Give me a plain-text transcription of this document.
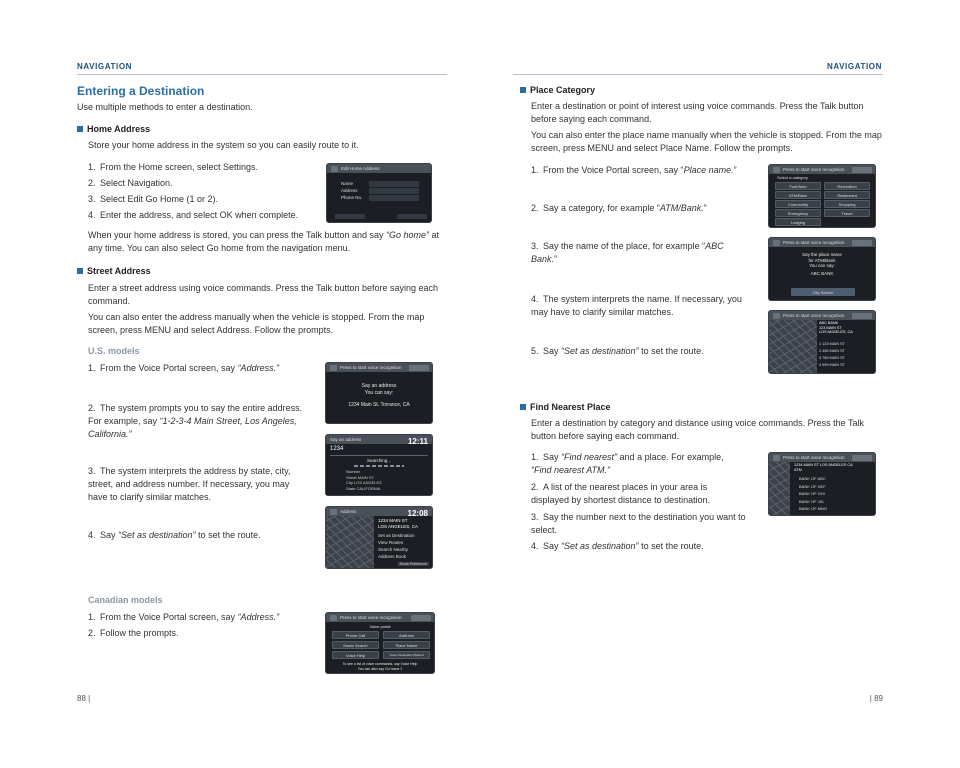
NAVIGATION
Entering a Destination
Use multiple methods to enter a destination.
Home Address
Store your home address in the system so you can easily route to it.
1. From the Home screen, select Settings.
2. Select Navigation.
3. Select Edit Go Home (1 or 2).
4. Enter the address, and select OK when complete.
When your home address is stored, you can press the Talk button and say “Go home” at any time. You can also select Go home from the navigation menu.
Edit Home Address
Name
Address
Phone No.
Street Address
Enter a street address using voice commands. Press the Talk button before saying each command.
You can also enter the address manually when the vehicle is stopped. From the map screen, press MENU and select Address. Follow the prompts.
U.S. models
1. From the Voice Portal screen, say “Address.”
2. The system prompts you to say the entire address. For example, say “1-2-3-4 Main Street, Los Angeles, California.”
3. The system interprets the address by state, city, street, and address number. If necessary, you may have to clarify similar matches.
4. Say “Set as destination” to set the route.
Press to start voice recognition
Say an address
You can say:
1234 Main St. Torrance, CA
Say an address	12:11
1234
Searching...
Number
Street MAIN ST
City LOS ANGELES
State CALIFORNIA
Address	12:08
1234 MAIN ST
LOS ANGELES, CA
Set as Destination
View Routes
Search Nearby
Address Book
Route Preference
Canadian models
1. From the Voice Portal screen, say “Address.”
2. Follow the prompts.
Press to start voice recognition
Voice portal
Phone Call	Address
Music Search	Place Name
Voice Help	Voice Destination Method
To see a list of voice commands, say Voice Help
You can also say Go home 2
88 |
NAVIGATION
Place Category
Enter a destination or point of interest using voice commands. Press the Talk button before saying each command.
You can also enter the place name manually when the vehicle is stopped. From the map screen, press MENU and select Place Name. Follow the prompts.
1. From the Voice Portal screen, say “Place name.”
2. Say a category, for example “ATM/Bank.”
3. Say the name of the place, for example “ABC Bank.”
4. The system interprets the name. If necessary, you may have to clarify similar matches.
5. Say “Set as destination” to set the route.
Press to start voice recognition
Select a category
Fuel/Auto	Recreation
ATM/Bank	Restaurant
Community	Shopping
Emergency	Travel
Lodging
Press to start voice recognition
Say the place name
for ATM/Bank
You can say:
ABC BANK
City Search
Press to start voice recognition
ABC BANK
123 MAIN ST
LOS ANGELES, CA
1 123 MAIN ST
2 456 MAIN ST
3 789 MAIN ST
4 999 MAIN ST
Find Nearest Place
Enter a destination by category and distance using voice commands. Press the Talk button before saying each command.
1. Say “Find nearest” and a place. For example, “Find nearest ATM.”
2. A list of the nearest places in your area is displayed by shortest distance to destination.
3. Say the number next to the destination you want to select.
4. Say “Set as destination” to set the route.
Press to start voice recognition
1234 MAIN ST LOS ANGELES CA
ATM
BANK OF ABC
BANK OF DEF
BANK OF GHI
BANK OF JKL
BANK OF MNO
| 89
